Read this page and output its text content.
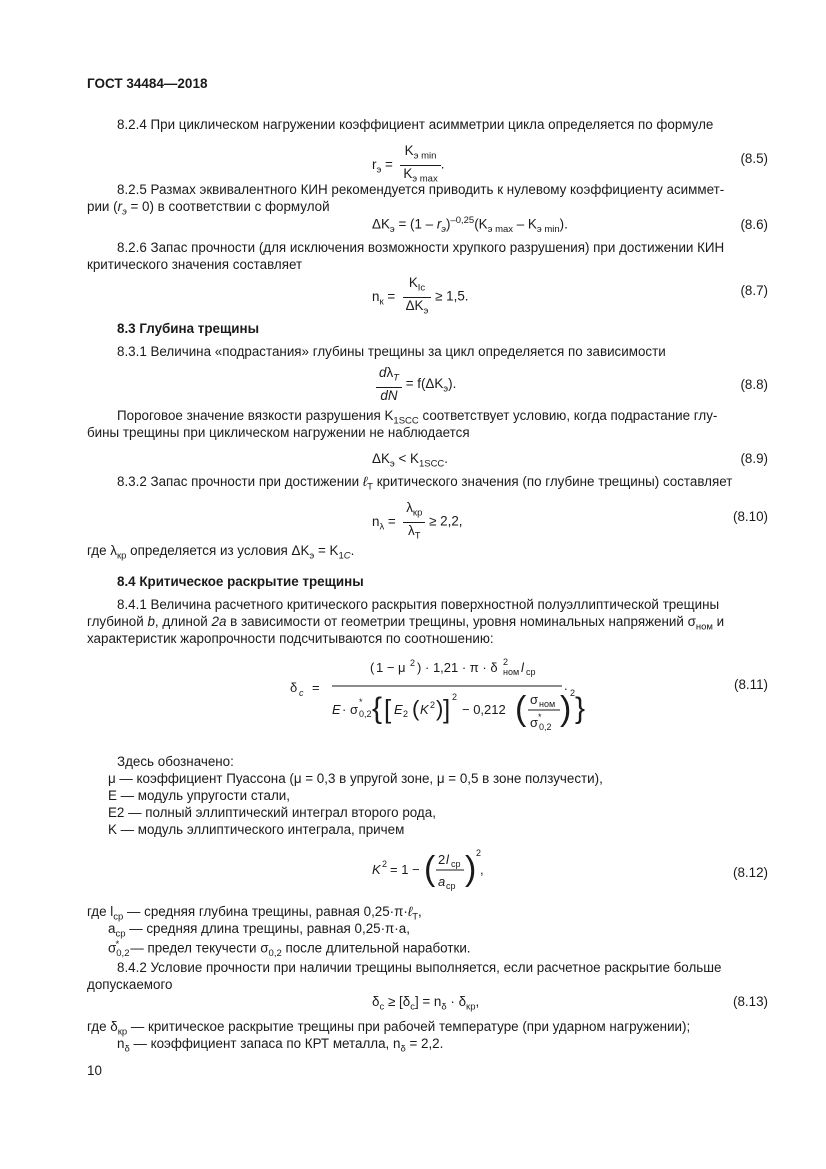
ГОСТ 34484—2018
8.2.4 При циклическом нагружении коэффициент асимметрии цикла определяется по формуле
$r_э = \frac{K_{э min}}{K_{э max}}$ .	(8.5)
8.2.5 Размах эквивалентного КИН рекомендуется приводить к нулевому коэффициенту асиммет-
рии $(r_э = 0)$ в соответствии с формулой
$\Delta K_э = (1 - r_э)^{-0,25}(K_{э max} - K_{э min})$.	(8.6)
8.2.6 Запас прочности (для исключения возможности хрупкого разрушения) при достижении КИН
критического значения составляет
$n_к = \frac{K_{Iс}}{\Delta K_э} \ge 1,5$.	(8.7)
8.3 Глубина трещины
8.3.1 Величина «подрастания» глубины трещины за цикл определяется по зависимости
$\frac{d\lambda_T}{dN} = f(\Delta K_э)$.	(8.8)
Пороговое значение вязкости разрушения $K_{1SCC}$ соответствует условию, когда подрастание глу-
бины трещины при циклическом нагружении не наблюдается
$\Delta K_э < K_{1SCC}$.	(8.9)
8.3.2 Запас прочности при достижении ℓ$_T$ критического значения (по глубине трещины) составляет
$n_\lambda = \frac{\lambda_{кр}}{\lambda_T} \ge 2,2$,	(8.10)
где $\lambda_{кр}$ определяется из условия $\Delta K_э = K_{1C}$.
8.4 Критическое раскрытие трещины
8.4.1 Величина расчетного критического раскрытия поверхностной полуэллиптической трещины
глубиной b, длиной 2a в зависимости от геометрии трещины, уровня номинальных напряжений $\sigma_{ном}$ и
характеристик жаропрочности подсчитываются по соотношению:
δ c =
( 1 − μ 2 ) · 1,21 · π · δ 2
ном l ср
.
E · σ *
0,2 { [ E 2 ( K 2 ) ] 2
− 0,212 ( σ ном
σ *
0,2 )
2 }
(8.11)
Здесь обозначено:
μ — коэффициент Пуассона (μ = 0,3 в упругой зоне, μ = 0,5 в зоне ползучести),
E — модуль упругости стали,
E2 — полный эллиптический интеграл второго рода,
K — модуль эллиптического интеграла, причем
K 2 = 1 − ( 2 l ср
a ср ) 2
,	(8.12)
где $l_{ср}$ — средняя глубина трещины, равная 0,25·π·ℓ$_T$,
$a_{ср}$ — средняя длина трещины, равная 0,25·π·a,
$\sigma_{0,2}^*$   — предел текучести $\sigma_{0,2}$ после длительной наработки.
8.4.2 Условие прочности при наличии трещины выполняется, если расчетное раскрытие больше
допускаемого
$\delta_c \ge [\delta_c] = n_\delta \cdot \delta_{кр}$,	(8.13)
где $\delta_{кр}$ — критическое раскрытие трещины при рабочей температуре (при ударном нагружении);
$n_\delta$ — коэффициент запаса по КРТ металла, $n_\delta = 2,2$.
10
